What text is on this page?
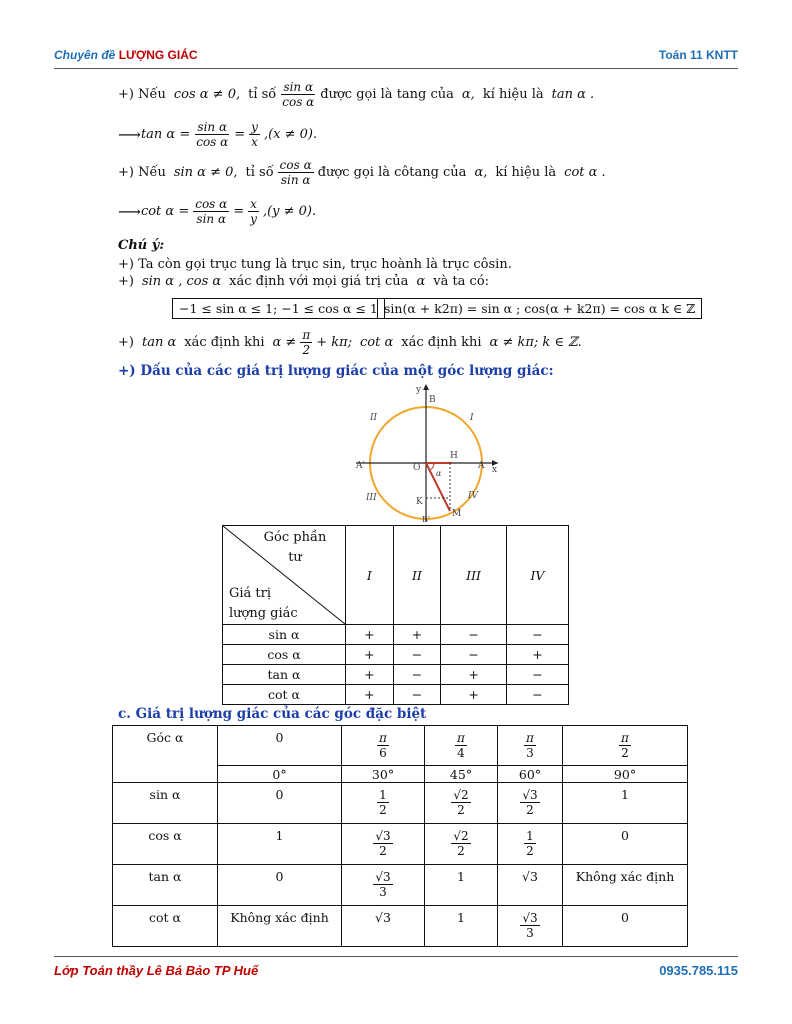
Chuyên đề LƯỢNG GIÁC	Toán 11 KNTT
+) Nếu cos α ≠ 0, tỉ số $\frac{\text{sin α}}{\text{cos α}}$ được gọi là tang của α, kí hiệu là tan α .
⟶ $\tan \alpha = \frac{\text{sin α}}{\text{cos α}} = \frac{y}{x} ,(x \ne 0)$.
+) Nếu sin α ≠ 0, tỉ số $\frac{\text{cos α}}{\text{sin α}}$ được gọi là côtang của α, kí hiệu là cot α .
⟶ $\cot \alpha = \frac{\text{cos α}}{\text{sin α}} = \frac{x}{y} ,(y \ne 0)$.
Chú ý:
+) Ta còn gọi trục tung là trục sin, trục hoành là trục côsin.
+) sin α , cos α xác định với mọi giá trị của α và ta có:
−1 ≤ sin α ≤ 1; −1 ≤ cos α ≤ 1 sin(α + k2π) = sin α ; cos(α + k2π) = cos α k ∈ ℤ
+) tan α xác định khi $\alpha \ne \frac{\pi}{2} + k\pi$; cot α xác định khi α ≠ kπ; k ∈ ℤ.
+) Dấu của các giá trị lượng giác của một góc lượng giác:
II	I
III	IV
B
B'
A
A'	O
H
K
M
x
y
α
Góc phần tư
Giá trị lượng giác	I	II	III	IV
sin α	+	+	−	−
cos α	+	−	−	+
tan α	+	−	+	−
cot α	+	−	+	−
c. Giá trị lượng giác của các góc đặc biệt
Góc α	0	$\frac{\pi}{6}$	$\frac{\pi}{4}$	$\frac{\pi}{3}$	$\frac{\pi}{2}$

	0°	30°	45°	60°	90°
sin α	0	$\frac{1}{2}$	$\frac{√2}{2}$	$\frac{√3}{2}$	1
cos α	1	$\frac{√3}{2}$	$\frac{√2}{2}$	$\frac{1}{2}$	0
tan α	0	$\frac{√3}{3}$	1	√3	Không xác định
cot α	Không xác định	√3	1	$\frac{√3}{3}$	0
Lớp Toán thầy Lê Bá Bảo TP Huế	0935.785.115
